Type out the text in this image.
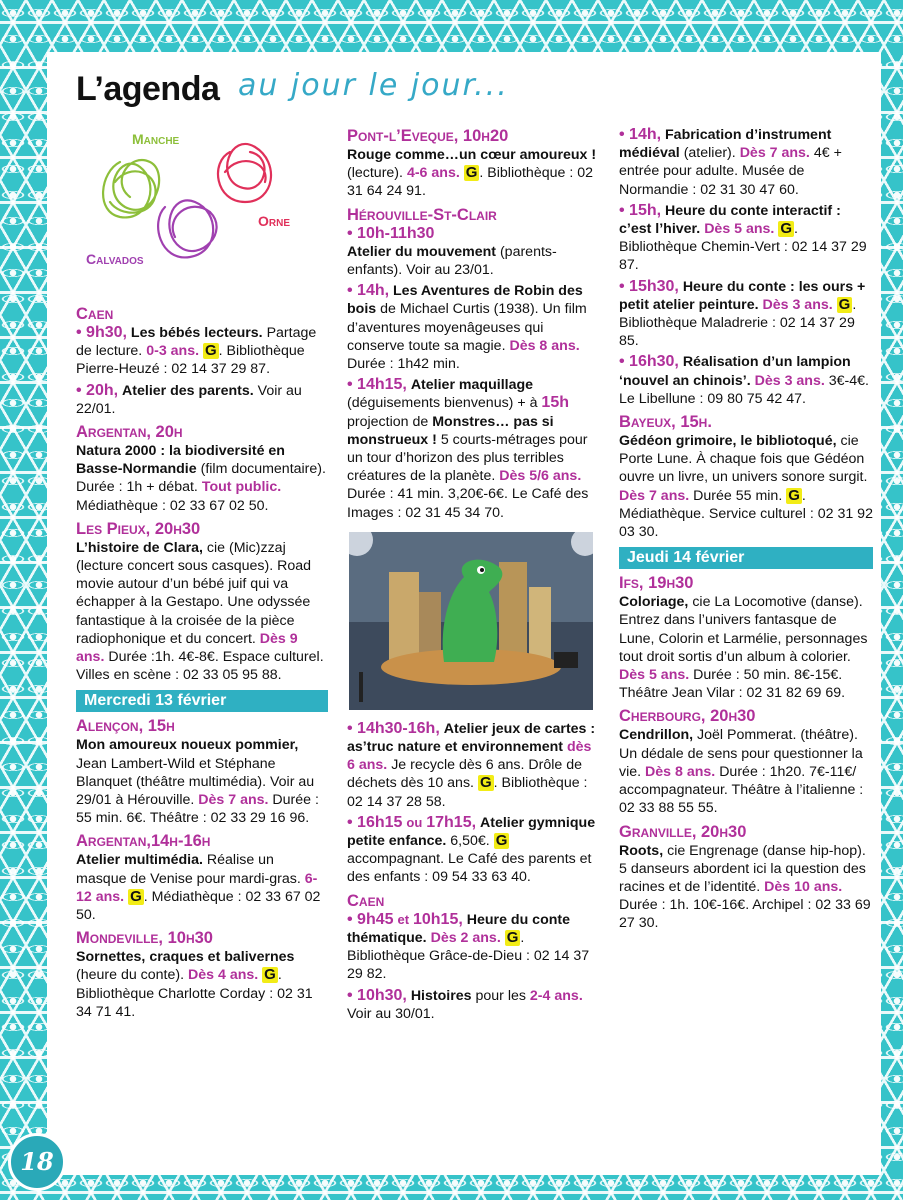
L’agenda au jour le jour...
Manche
Orne
Calvados
Caen
• 9h30, Les bébés lecteurs. Partage de lecture. 0-3 ans. G . Bibliothèque Pierre-Heuzé : 02 14 37 29 87.
• 20h, Atelier des parents. Voir au 22/01.
Argentan, 20h
Natura 2000 : la biodiversité en Basse-Normandie (film documentaire). Durée : 1h + débat. Tout public. Médiathèque : 02 33 67 02 50.
Les Pieux, 20h30
L’histoire de Clara, cie (Mic)zzaj (lecture concert sous casques). Road movie autour d’un bébé juif qui va échapper à la Gestapo. Une odyssée fantastique à la croisée de la pièce radiophonique et du concert. Dès 9 ans. Durée :1h. 4€-8€. Espace culturel. Villes en scène : 02 33 05 95 88.
Mercredi 13 février
Alençon, 15h
Mon amoureux noueux pommier, Jean Lambert-Wild et Stéphane Blanquet (théâtre multimédia). Voir au 29/01 à Hérouville. Dès 7 ans. Durée : 55 min. 6€. Théâtre : 02 33 29 16 96.
Argentan,14h-16h
Atelier multimédia. Réalise un masque de Venise pour mardi-gras. 6-12 ans. G . Médiathèque : 02 33 67 02 50.
Mondeville, 10h30
Sornettes, craques et balivernes (heure du conte). Dès 4 ans. G . Bibliothèque Charlotte Corday : 02 31 34 71 41.
Pont-l’Eveque, 10h20
Rouge comme…un cœur amoureux ! (lecture). 4-6 ans. G . Bibliothèque : 02 31 64 24 91.
Hérouville-St-Clair
• 10h-11h30
Atelier du mouvement (parents-enfants). Voir au 23/01.
• 14h, Les Aventures de Robin des bois de Michael Curtis (1938). Un film d’aventures moyenâgeuses qui conserve toute sa magie. Dès 8 ans. Durée : 1h42 min.
• 14h15, Atelier maquillage (déguisements bienvenus) + à 15h projection de Monstres… pas si monstrueux ! 5 courts-métrages pour un tour d’horizon des plus terribles créatures de la planète. Dès 5/6 ans. Durée : 41 min. 3,20€-6€. Le Café des Images : 02 31 45 34 70.
• 14h30-16h, Atelier jeux de cartes : as’truc nature et environnement dès 6 ans. Je recycle dès 6 ans. Drôle de déchets dès 10 ans. G . Bibliothèque : 02 14 37 28 58.
• 16h15 ou 17h15, Atelier gymnique petite enfance. 6,50€. G accompagnant. Le Café des parents et des enfants : 09 54 33 63 40.
Caen
• 9h45 et 10h15, Heure du conte thématique. Dès 2 ans. G . Bibliothèque Grâce-de-Dieu : 02 14 37 29 82.
• 10h30, Histoires pour les 2-4 ans. Voir au 30/01.
• 14h, Fabrication d’instrument médiéval (atelier). Dès 7 ans. 4€ + entrée pour adulte. Musée de Normandie : 02 31 30 47 60.
• 15h, Heure du conte interactif : c’est l’hiver. Dès 5 ans. G . Bibliothèque Chemin-Vert : 02 14 37 29 87.
• 15h30, Heure du conte : les ours + petit atelier peinture. Dès 3 ans. G . Bibliothèque Maladrerie : 02 14 37 29 85.
• 16h30, Réalisation d’un lampion ‘nouvel an chinois’. Dès 3 ans. 3€-4€. Le Libellune : 09 80 75 42 47.
Bayeux, 15h.
Gédéon grimoire, le bibliotoqué, cie Porte Lune. À chaque fois que Gédéon ouvre un livre, un univers sonore surgit. Dès 7 ans. Durée 55 min. G . Médiathèque. Service culturel : 02 31 92 03 30.
Jeudi 14 février
Ifs, 19h30
Coloriage, cie La Locomotive (danse). Entrez dans l’univers fantasque de Lune, Colorin et Larmélie, personnages tout droit sortis d’un album à colorier. Dès 5 ans. Durée : 50 min. 8€-15€. Théâtre Jean Vilar : 02 31 82 69 69.
Cherbourg, 20h30
Cendrillon, Joël Pommerat. (théâtre). Un dédale de sens pour questionner la vie. Dès 8 ans. Durée : 1h20. 7€-11€/ accompagnateur. Théâtre à l’italienne : 02 33 88 55 55.
Granville, 20h30
Roots, cie Engrenage (danse hip-hop). 5 danseurs abordent ici la question des racines et de l’identité. Dès 10 ans. Durée : 1h. 10€-16€. Archipel : 02 33 69 27 30.
18
